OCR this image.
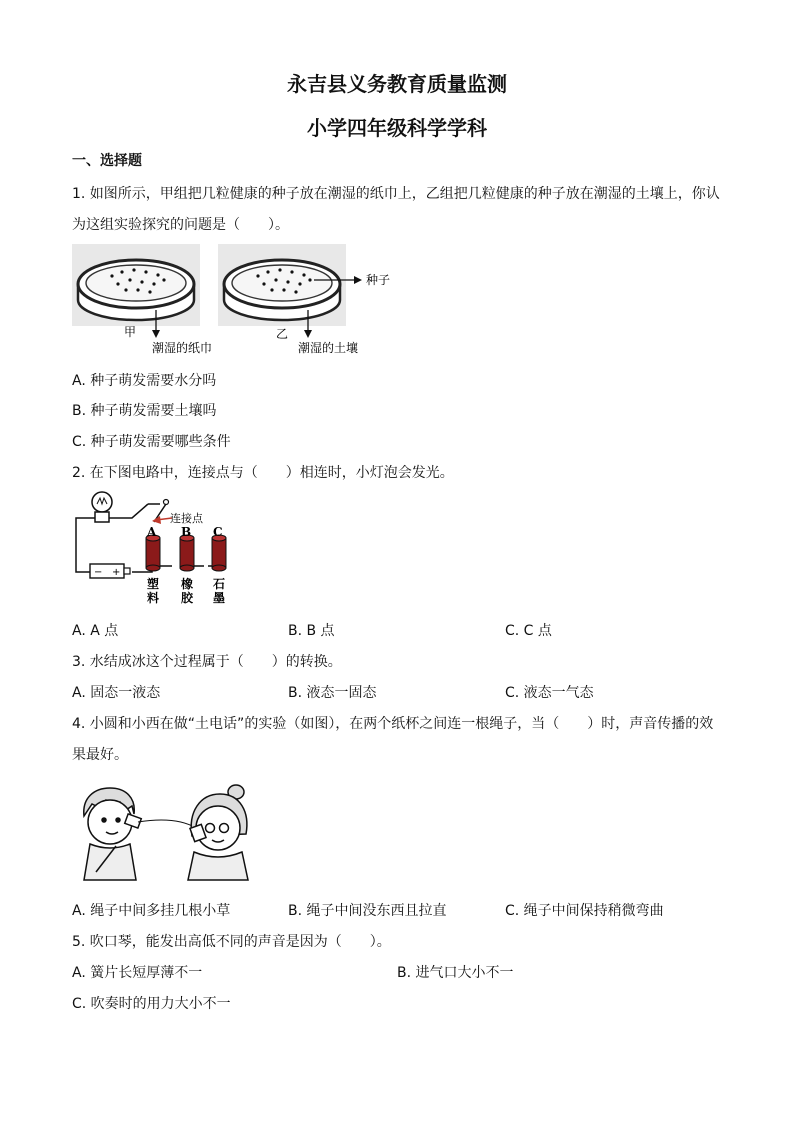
永吉县义务教育质量监测
小学四年级科学学科
一、选择题
1. 如图所示，甲组把几粒健康的种子放在潮湿的纸巾上，乙组把几粒健康的种子放在潮湿的土壤上，你认
为这组实验探究的问题是（　　）。
甲
潮湿的纸巾
种子
乙
潮湿的土壤
A. 种子萌发需要水分吗
B. 种子萌发需要土壤吗
C. 种子萌发需要哪些条件
2. 在下图电路中，连接点与（　　）相连时，小灯泡会发光。
连接点
− +
A B C
塑料
橡胶
石墨
A. A 点	B. B 点	C. C 点
3. 水结成冰这个过程属于（　　）的转换。
A. 固态一液态	B. 液态一固态	C. 液态一气态
4. 小圆和小西在做“土电话”的实验（如图），在两个纸杯之间连一根绳子，当（　　）时，声音传播的效
果最好。
A. 绳子中间多挂几根小草	B. 绳子中间没东西且拉直	C. 绳子中间保持稍微弯曲
5. 吹口琴，能发出高低不同的声音是因为（　　）。
A. 簧片长短厚薄不一	B. 进气口大小不一
C. 吹奏时的用力大小不一
